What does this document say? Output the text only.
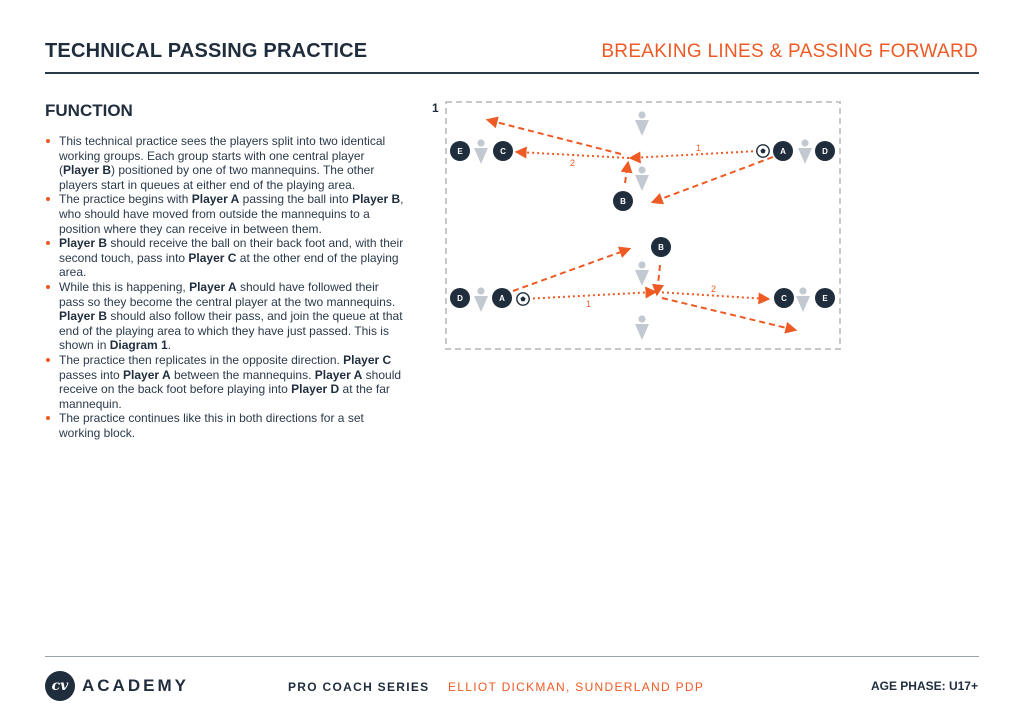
TECHNICAL PASSING PRACTICE	BREAKING LINES & PASSING FORWARD
FUNCTION
This technical practice sees the players split into two identical working groups. Each group starts with one central player (Player B) positioned by one of two mannequins. The other players start in queues at either end of the playing area.
The practice begins with Player A passing the ball into Player B, who should have moved from outside the mannequins to a position where they can receive in between them.
Player B should receive the ball on their back foot and, with their second touch, pass into Player C at the other end of the playing area.
While this is happening, Player A should have followed their pass so they become the central player at the two mannequins. Player B should also follow their pass, and join the queue at that end of the playing area to which they have just passed. This is shown in Diagram 1.
The practice then replicates in the opposite direction. Player C passes into Player A between the mannequins. Player A should receive on the back foot before playing into Player D at the far mannequin.
The practice continues like this in both directions for a set working block.
1
1
2
1
2
E	C
B
A	D
D	A
B
C	E
cv ACADEMY	PRO COACH SERIES ELLIOT DICKMAN, SUNDERLAND PDP	AGE PHASE: U17+
